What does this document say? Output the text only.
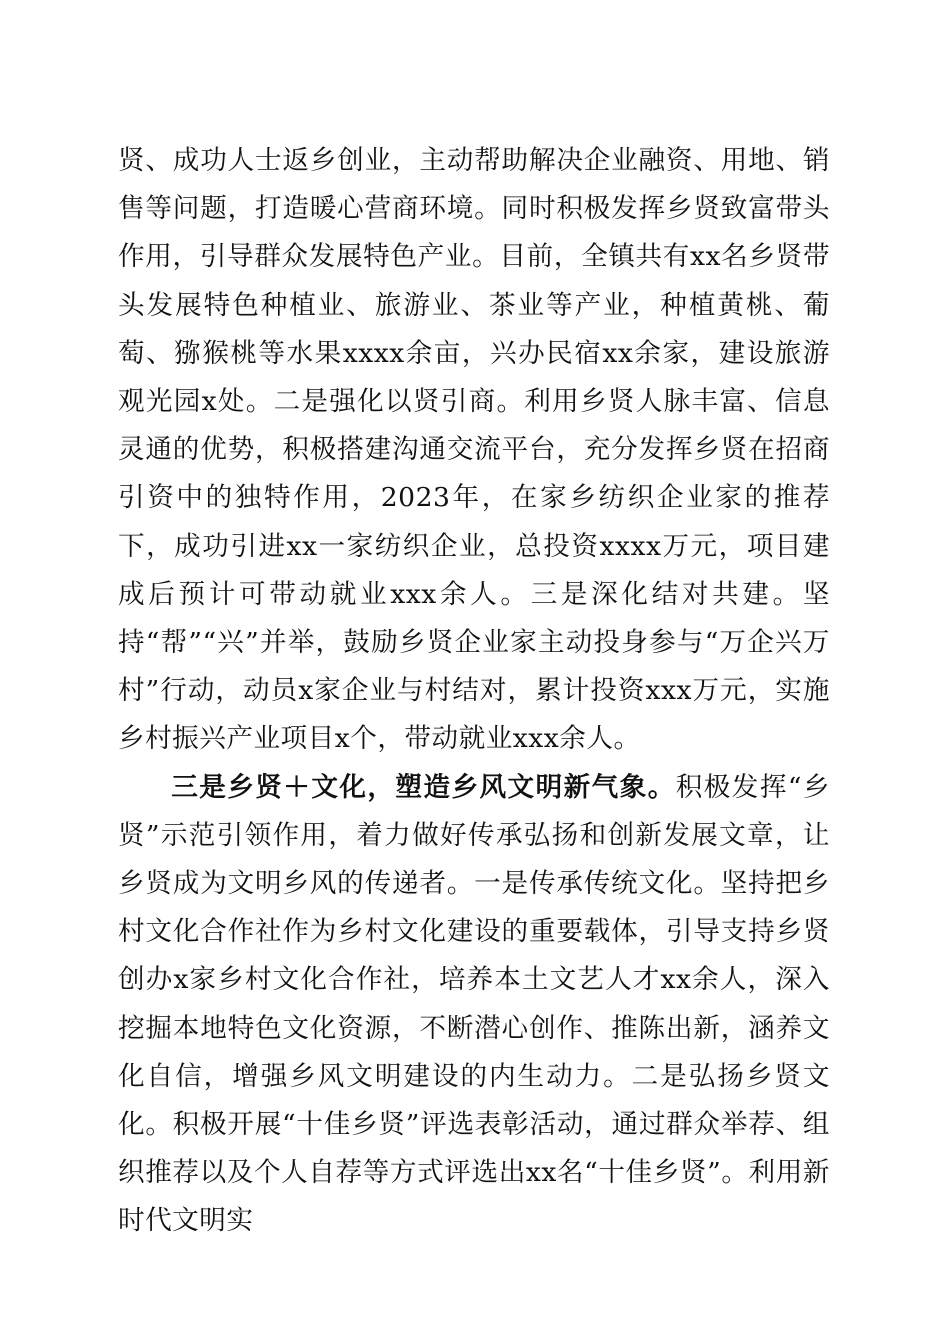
贤、成功人士返乡创业，主动帮助解决企业融资、用地、销售等问题，打造暖心营商环境。同时积极发挥乡贤致富带头作用，引导群众发展特色产业。目前，全镇共有xx名乡贤带头发展特色种植业、旅游业、茶业等产业，种植黄桃、葡萄、猕猴桃等水果xxxx余亩，兴办民宿xx余家，建设旅游观光园x处。二是强化以贤引商。利用乡贤人脉丰富、信息灵通的优势，积极搭建沟通交流平台，充分发挥乡贤在招商引资中的独特作用，2023年，在家乡纺织企业家的推荐下，成功引进xx一家纺织企业，总投资xxxx万元，项目建成后预计可带动就业xxx余人。三是深化结对共建。坚持“帮”“兴”并举，鼓励乡贤企业家主动投身参与“万企兴万村”行动，动员x家企业与村结对，累计投资xxx万元，实施乡村振兴产业项目x个，带动就业xxx余人。

三是乡贤＋文化，塑造乡风文明新气象。积极发挥“乡贤”示范引领作用，着力做好传承弘扬和创新发展文章，让乡贤成为文明乡风的传递者。一是传承传统文化。坚持把乡村文化合作社作为乡村文化建设的重要载体，引导支持乡贤创办x家乡村文化合作社，培养本土文艺人才xx余人，深入挖掘本地特色文化资源，不断潜心创作、推陈出新，涵养文化自信，增强乡风文明建设的内生动力。二是弘扬乡贤文化。积极开展“十佳乡贤”评选表彰活动，通过群众举荐、组织推荐以及个人自荐等方式评选出xx名“十佳乡贤”。利用新时代文明实
